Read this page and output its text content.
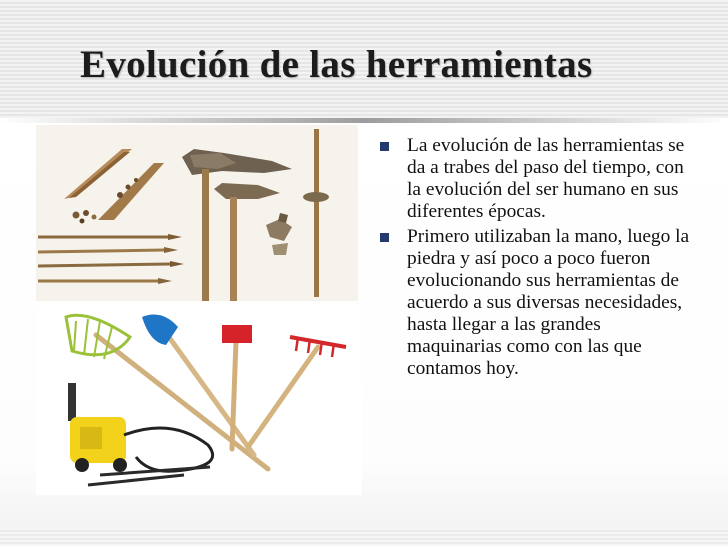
Evolución de las herramientas
La evolución de las herramientas se da a trabes del paso del tiempo, con la evolución del ser humano en sus diferentes épocas.
Primero utilizaban la mano, luego la piedra y así poco a poco fueron evolucionando sus herramientas de acuerdo a sus diversas necesidades, hasta llegar a las grandes maquinarias como con las que contamos hoy.
